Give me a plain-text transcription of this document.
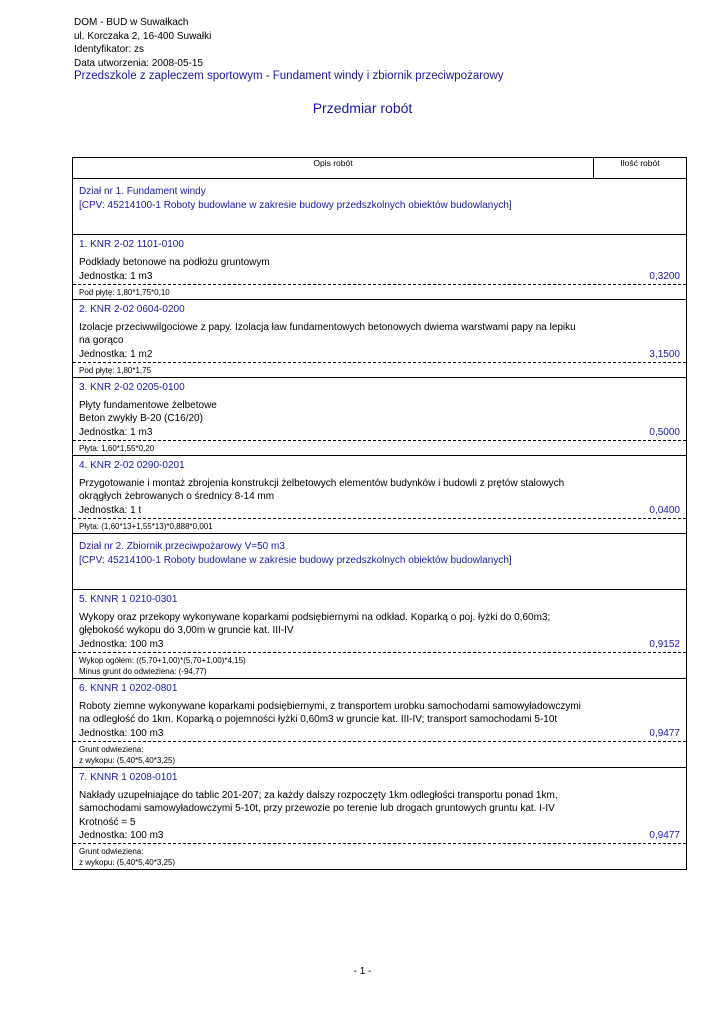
DOM - BUD w Suwałkach
ul. Korczaka 2, 16-400 Suwałki
Identyfikator: zs
Data utworzenia: 2008-05-15
Przedszkole z zapleczem sportowym - Fundament windy i zbiornik przeciwpożarowy
Przedmiar robót
Opis robót	Ilość robót

Dział nr 1. Fundament windy
[CPV: 45214100-1 Roboty budowlane w zakresie budowy przedszkolnych obiektów budowlanych]

1. KNR 2-02 1101-0100
Podkłady betonowe na podłożu gruntowym
Jednostka: 1 m3	0,3200
Pod płytę: 1,80*1,75*0,10

2. KNR 2-02 0604-0200
Izolacje przeciwwilgociowe z papy. Izolacja ław fundamentowych betonowych dwiema warstwami papy na lepiku na gorąco
Jednostka: 1 m2	3,1500
Pod płytę: 1,80*1,75

3. KNR 2-02 0205-0100
Płyty fundamentowe żelbetowe
Beton zwykły B-20 (C16/20)

Jednostka: 1 m3	0,5000
Płyta: 1,60*1,55*0,20

4. KNR 2-02 0290-0201
Przygotowanie i montaż zbrojenia konstrukcji żelbetowych elementów budynków i budowli z prętów stalowych okrągłych żebrowanych o średnicy 8-14 mm
Jednostka: 1 t	0,0400
Płyta: (1,60*13+1,55*13)*0,888*0,001

Dział nr 2. Zbiornik przeciwpożarowy V=50 m3
[CPV: 45214100-1 Roboty budowlane w zakresie budowy przedszkolnych obiektów budowlanych]

5. KNNR 1 0210-0301
Wykopy oraz przekopy wykonywane koparkami podsiębiernymi na odkład. Koparką o poj. łyżki do 0,60m3; głębokość wykopu do 3,00m w gruncie kat. III-IV
Jednostka: 100 m3	0,9152
Wykop ogółem: ((5,70+1,00)*(5,70+1,00)*4,15)
Minus grunt do odwieziena: (-94,77)

6. KNNR 1 0202-0801
Roboty ziemne wykonywane koparkami podsiębiernymi, z transportem urobku samochodami samowyładowczymi na odległość do 1km. Koparką o pojemności łyżki 0,60m3 w gruncie kat. III-IV; transport samochodami 5-10t
Jednostka: 100 m3	0,9477
Grunt odwieziena:
z wykopu: (5,40*5,40*3,25)

7. KNNR 1 0208-0101
Nakłady uzupełniające do tablic 201-207; za każdy dalszy rozpoczęty 1km odległości transportu ponad 1km, samochodami samowyładowczymi 5-10t, przy przewozie po terenie lub drogach gruntowych gruntu kat. I-IV
Krotność = 5
Jednostka: 100 m3	0,9477
Grunt odwieziena:
z wykopu: (5,40*5,40*3,25)
- 1 -
